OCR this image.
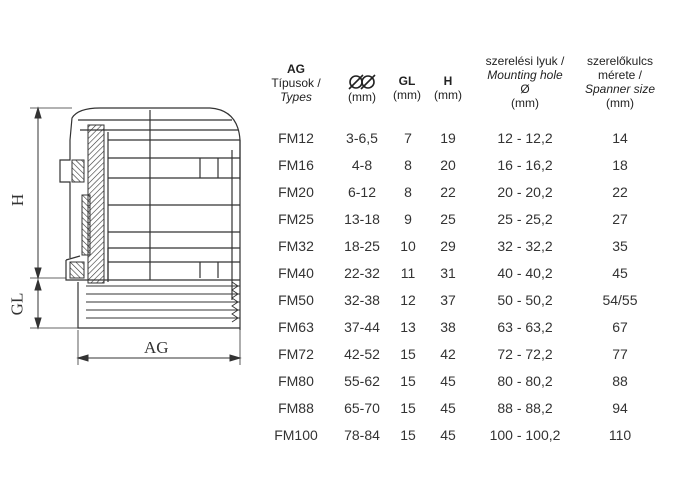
H
GL
AG
AG
Típusok /
Types	(mm)
GL
(mm)
H
(mm)
szerelési lyuk /
Mounting hole
Ø
(mm)
szerelőkulcs
mérete /
Spanner size
(mm)
FM12	3-6,5	7	19	12 - 12,2	14
FM16	4-8	8	20	16 - 16,2	18
FM20	6-12	8	22	20 - 20,2	22
FM25	13-18	9	25	25 - 25,2	27
FM32	18-25	10	29	32 - 32,2	35
FM40	22-32	11	31	40 - 40,2	45
FM50	32-38	12	37	50 - 50,2	54/55
FM63	37-44	13	38	63 - 63,2	67
FM72	42-52	15	42	72 - 72,2	77
FM80	55-62	15	45	80 - 80,2	88
FM88	65-70	15	45	88 - 88,2	94
FM100	78-84	15	45	100 - 100,2	110
